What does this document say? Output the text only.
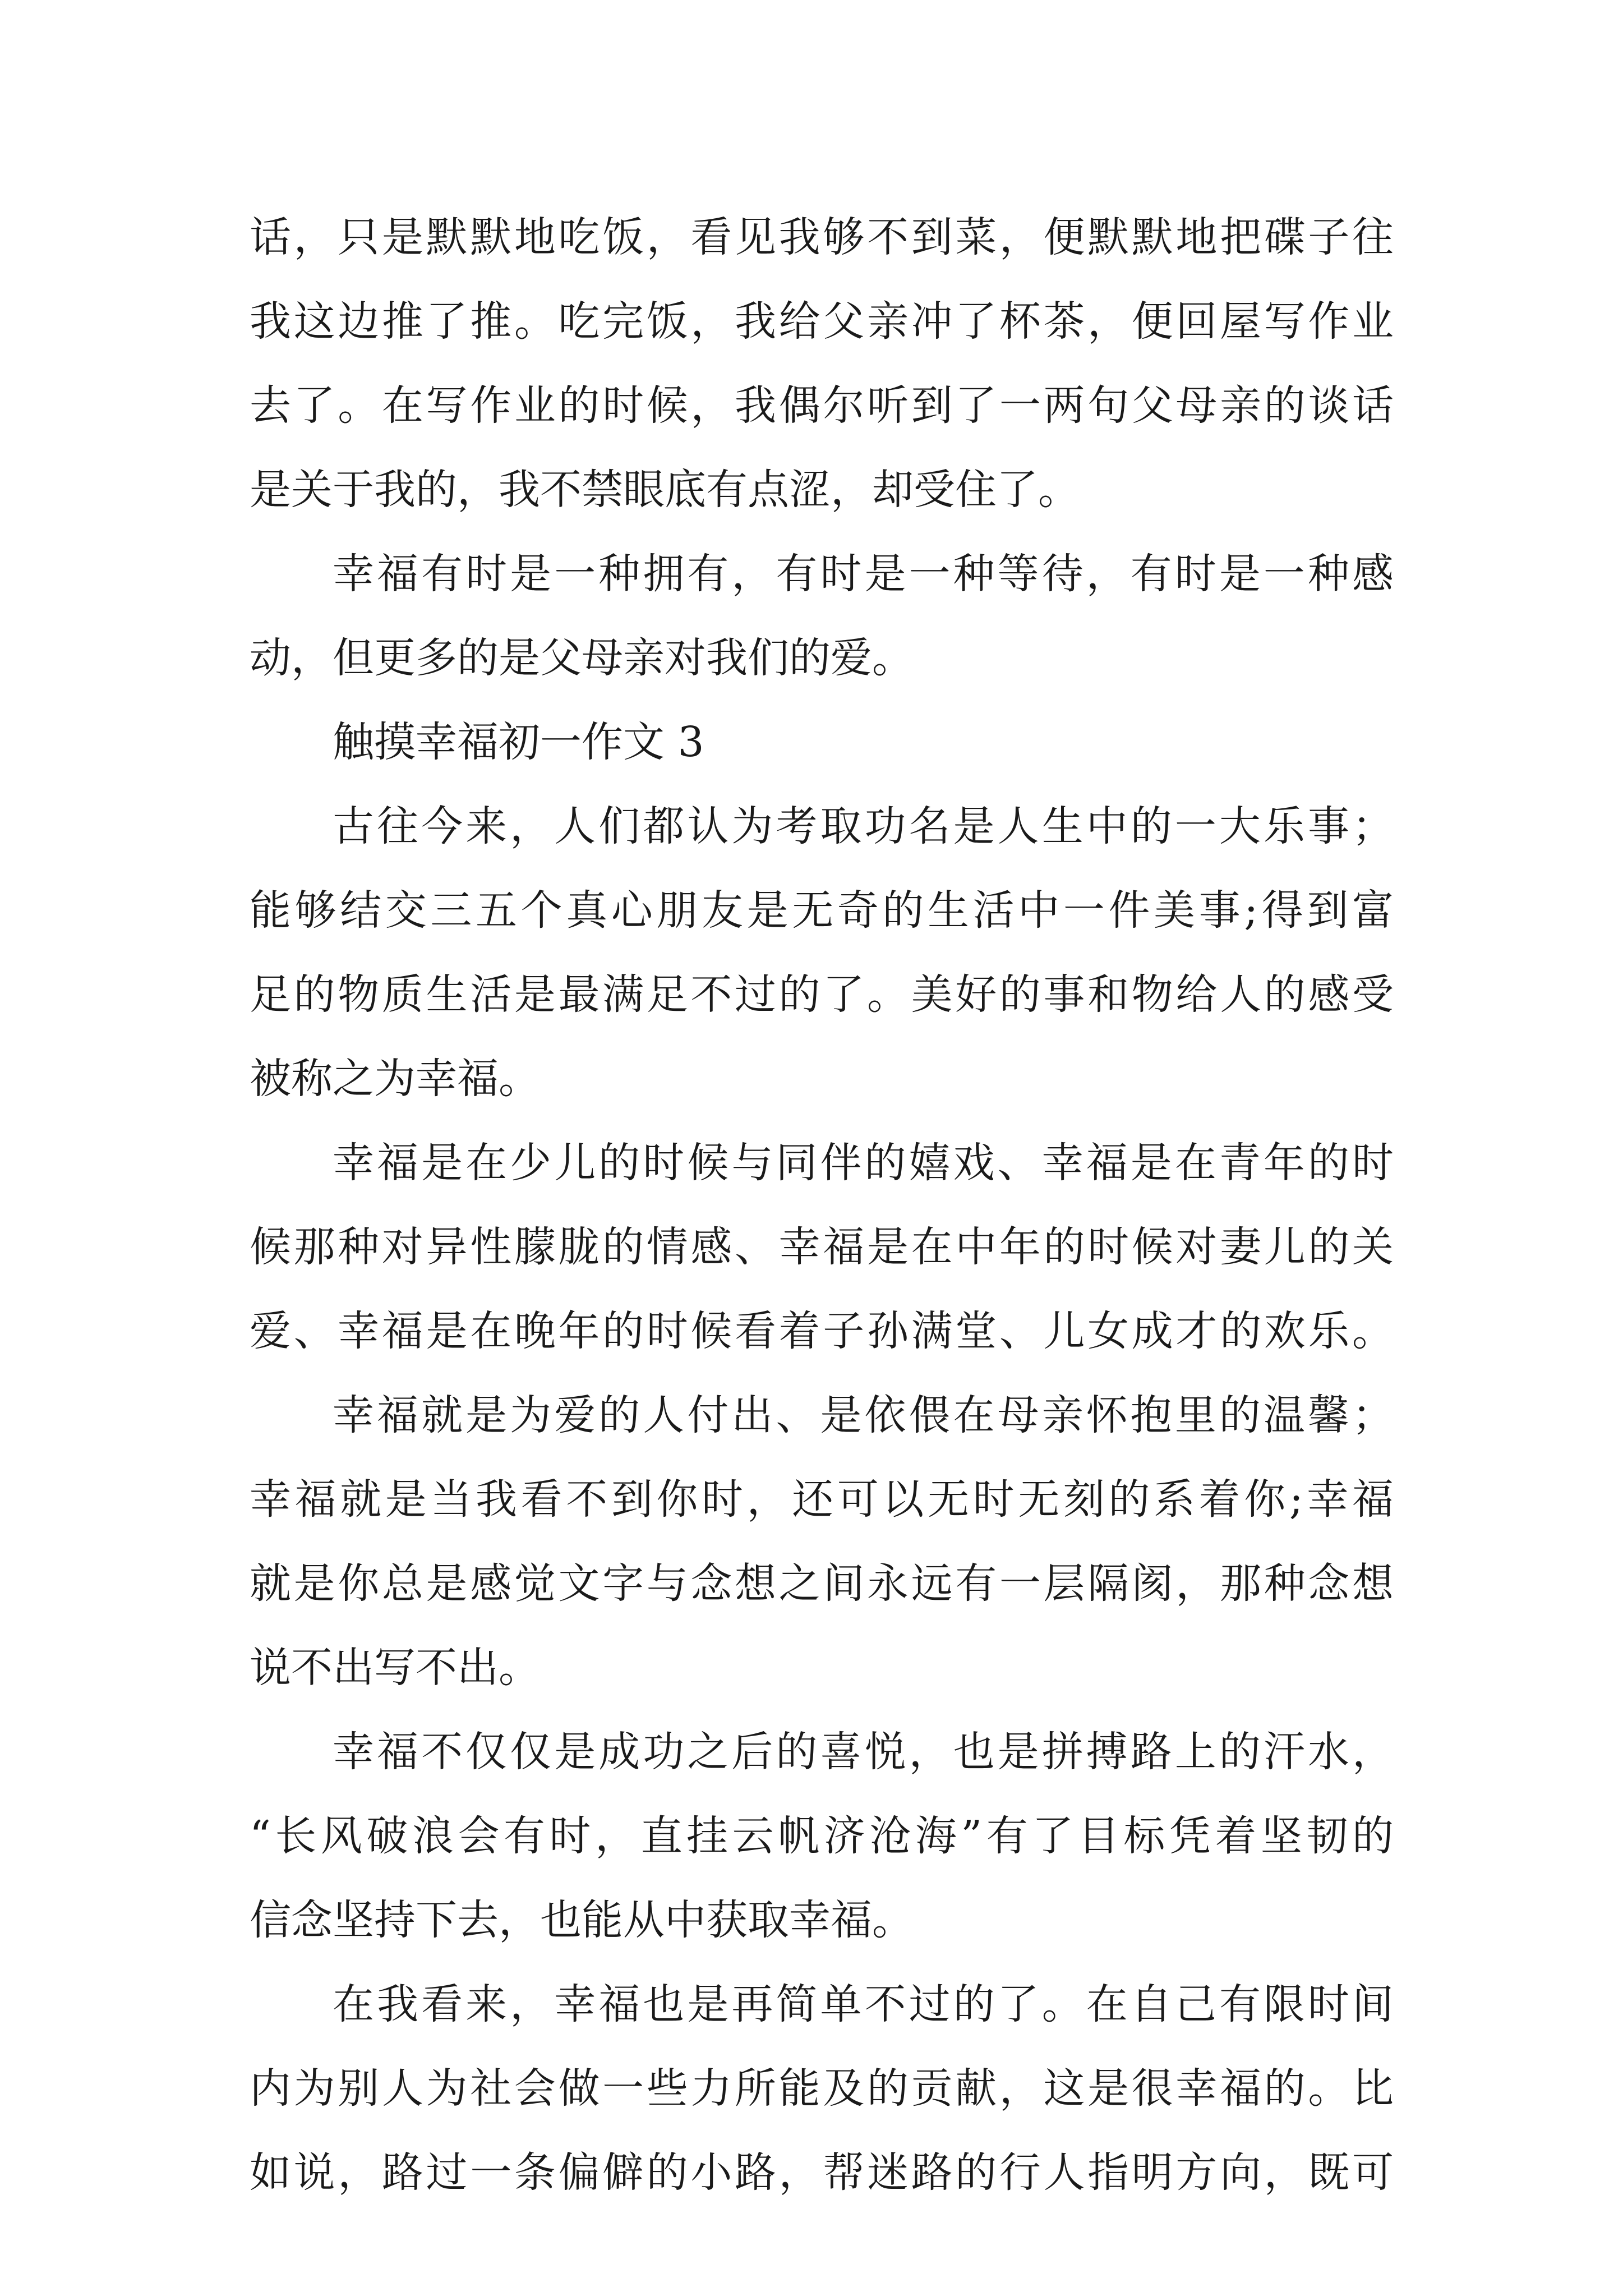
话，只是默默地吃饭，看见我够不到菜，便默默地把碟子往
我这边推了推。吃完饭，我给父亲冲了杯茶，便回屋写作业
去了。在写作业的时候，我偶尔听到了一两句父母亲的谈话
是关于我的，我不禁眼底有点涩，却受住了。
幸福有时是一种拥有，有时是一种等待，有时是一种感
动，但更多的是父母亲对我们的爱。
触摸幸福初一作文 3
古往今来，人们都认为考取功名是人生中的一大乐事；
能够结交三五个真心朋友是无奇的生活中一件美事;得到富
足的物质生活是最满足不过的了。美好的事和物给人的感受
被称之为幸福。
幸福是在少儿的时候与同伴的嬉戏、幸福是在青年的时
候那种对异性朦胧的情感、幸福是在中年的时候对妻儿的关
爱、幸福是在晚年的时候看着子孙满堂、儿女成才的欢乐。
幸福就是为爱的人付出、是依偎在母亲怀抱里的温馨；
幸福就是当我看不到你时，还可以无时无刻的系着你;幸福
就是你总是感觉文字与念想之间永远有一层隔阂，那种念想
说不出写不出。
幸福不仅仅是成功之后的喜悦，也是拼搏路上的汗水，
“长风破浪会有时，直挂云帆济沧海”有了目标凭着坚韧的
信念坚持下去，也能从中获取幸福。
在我看来，幸福也是再简单不过的了。在自己有限时间
内为别人为社会做一些力所能及的贡献，这是很幸福的。比
如说，路过一条偏僻的小路，帮迷路的行人指明方向，既可
